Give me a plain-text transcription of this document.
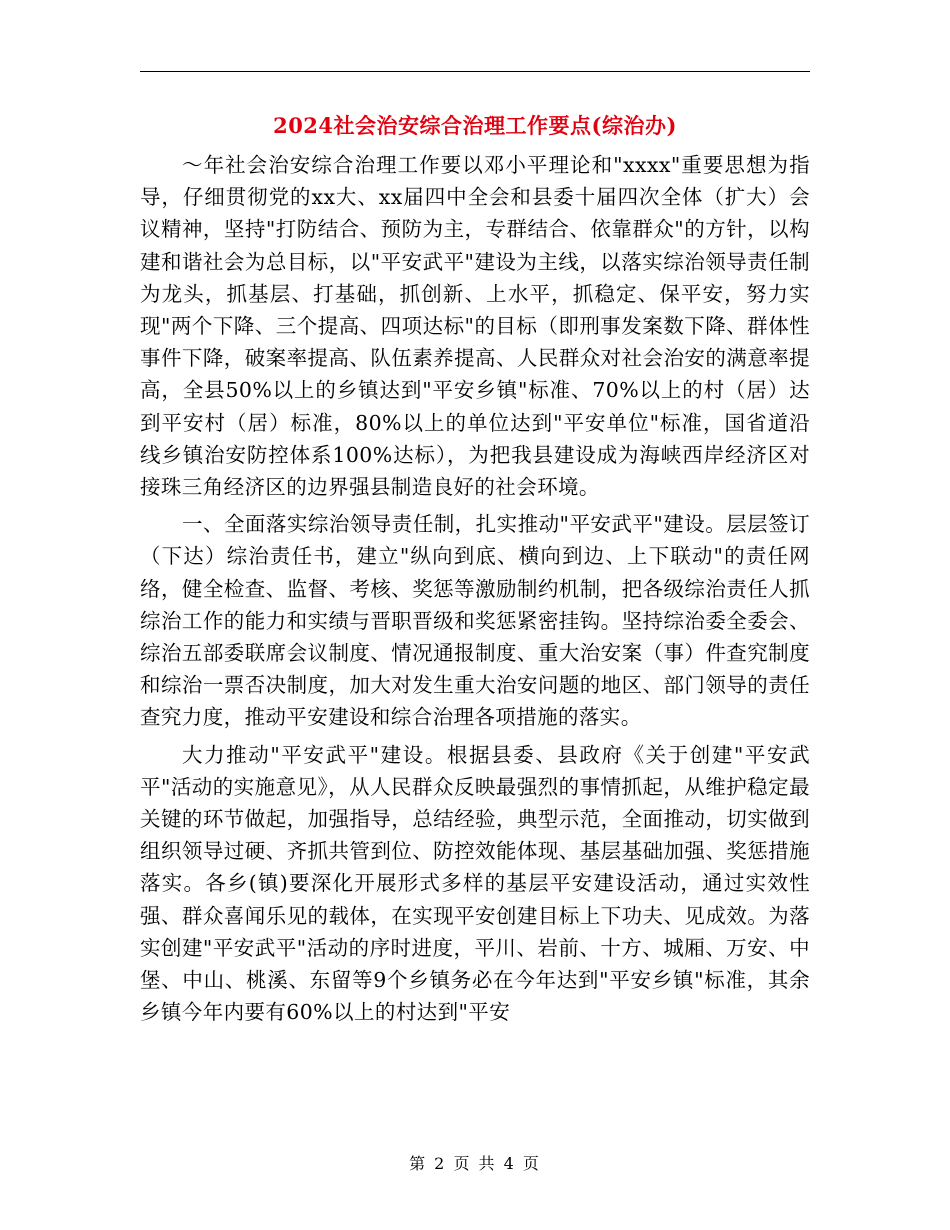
2024社会治安综合治理工作要点(综治办)

～年社会治安综合治理工作要以邓小平理论和"xxxx"重要思想为指导，仔细贯彻党的xx大、xx届四中全会和县委十届四次全体（扩大）会议精神，坚持"打防结合、预防为主，专群结合、依靠群众"的方针，以构建和谐社会为总目标，以"平安武平"建设为主线，以落实综治领导责任制为龙头，抓基层、打基础，抓创新、上水平，抓稳定、保平安，努力实现"两个下降、三个提高、四项达标"的目标（即刑事发案数下降、群体性事件下降，破案率提高、队伍素养提高、人民群众对社会治安的满意率提高，全县50%以上的乡镇达到"平安乡镇"标准、70%以上的村（居）达到平安村（居）标准，80%以上的单位达到"平安单位"标准，国省道沿线乡镇治安防控体系100%达标），为把我县建设成为海峡西岸经济区对接珠三角经济区的边界强县制造良好的社会环境。

一、全面落实综治领导责任制，扎实推动"平安武平"建设。层层签订（下达）综治责任书，建立"纵向到底、横向到边、上下联动"的责任网络，健全检查、监督、考核、奖惩等激励制约机制，把各级综治责任人抓综治工作的能力和实绩与晋职晋级和奖惩紧密挂钩。坚持综治委全委会、综治五部委联席会议制度、情况通报制度、重大治安案（事）件查究制度和综治一票否决制度，加大对发生重大治安问题的地区、部门领导的责任查究力度，推动平安建设和综合治理各项措施的落实。

大力推动"平安武平"建设。根据县委、县政府《关于创建"平安武平"活动的实施意见》，从人民群众反映最强烈的事情抓起，从维护稳定最关键的环节做起，加强指导，总结经验，典型示范，全面推动，切实做到组织领导过硬、齐抓共管到位、防控效能体现、基层基础加强、奖惩措施落实。各乡(镇)要深化开展形式多样的基层平安建设活动，通过实效性强、群众喜闻乐见的载体，在实现平安创建目标上下功夫、见成效。为落实创建"平安武平"活动的序时进度，平川、岩前、十方、城厢、万安、中堡、中山、桃溪、东留等9个乡镇务必在今年达到"平安乡镇"标准，其余乡镇今年内要有60%以上的村达到"平安

第 2 页 共 4 页
